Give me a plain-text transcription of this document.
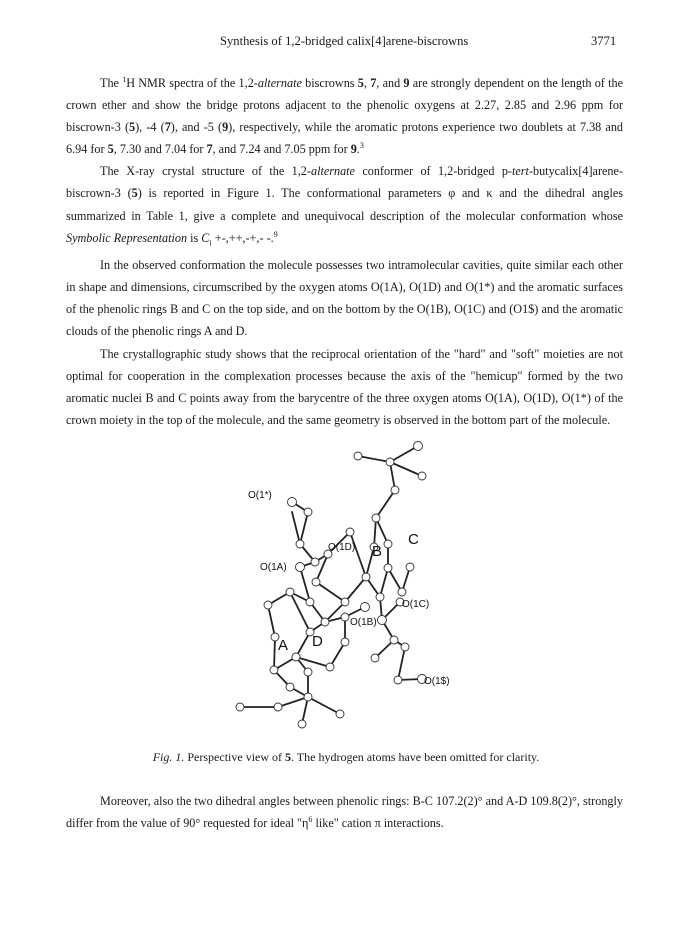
Synthesis of 1,2-bridged calix[4]arene-biscrowns	3771

The $^1$H NMR spectra of the 1,2-alternate biscrowns 5, 7, and 9 are strongly dependent on the length of the crown ether and show the bridge protons adjacent to the phenolic oxygens at 2.27, 2.85 and 2.96 ppm for biscrown-3 (5), -4 (7), and -5 (9), respectively, while the aromatic protons experience two doublets at 7.38 and 6.94 for 5, 7.30 and 7.04 for 7, and 7.24 and 7.05 ppm for 9.$^3$

The X-ray crystal structure of the 1,2-alternate conformer of 1,2-bridged p-tert-butycalix[4]arene-biscrown-3 (5) is reported in Figure 1. The conformational parameters φ and κ and the dihedral angles summarized in Table 1, give a complete and unequivocal description of the molecular conformation whose Symbolic Representation is $C_i$ +-,++,-+,- -.$^9$

In the observed conformation the molecule possesses two intramolecular cavities, quite similar each other in shape and dimensions, circumscribed by the oxygen atoms O(1A), O(1D) and O(1*) and the aromatic surfaces of the phenolic rings B and C on the top side, and on the bottom by the O(1B), O(1C) and (O1$) and the aromatic clouds of the phenolic rings A and D.

The crystallographic study shows that the reciprocal orientation of the "hard" and "soft" moieties are not optimal for cooperation in the complexation processes because the axis of the "hemicup" formed by the two aromatic nuclei B and C points away from the barycentre of the three oxygen atoms O(1A), O(1D), O(1*) of the crown moiety in the top of the molecule, and the same geometry is observed in the bottom part of the molecule.

O(1*)
O(1D)
O(1A)
O(1C)
O(1B)
O(1$)
A
B
C
D
Fig. 1. Perspective view of 5. The hydrogen atoms have been omitted for clarity.

Moreover, also the two dihedral angles between phenolic rings: B-C 107.2(2)° and A-D 109.8(2)°, strongly differ from the value of 90° requested for ideal "$\eta^6$ like" cation π interactions.
